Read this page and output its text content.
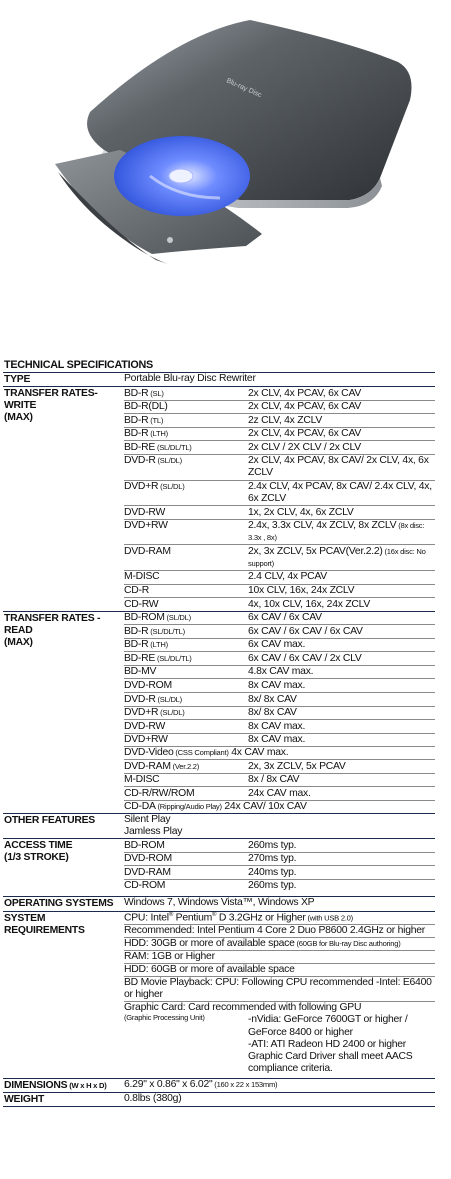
Blu-ray Disc
TECHNICAL SPECIFICATIONS
TYPE	Portable Blu-ray Disc Rewriter
TRANSFER RATES-WRITE
(MAX)
BD-R (SL)	2x CLV, 4x PCAV, 6x CAV
BD-R(DL)	2x CLV, 4x PCAV, 6x CAV
BD-R (TL)	2z CLV, 4x ZCLV
BD-R (LTH)	2x CLV, 4x PCAV, 6x CAV
BD-RE (SL/DL/TL)	2x CLV / 2X CLV / 2x CLV
DVD-R (SL/DL)	2x CLV, 4x PCAV, 8x CAV/ 2x CLV, 4x, 6x ZCLV
DVD+R (SL/DL)	2.4x CLV, 4x PCAV, 8x CAV/ 2.4x CLV, 4x, 6x ZCLV
DVD-RW	1x, 2x CLV, 4x, 6x ZCLV
DVD+RW	2.4x, 3.3x CLV, 4x ZCLV, 8x ZCLV (8x disc: 3.3x , 8x)
DVD-RAM	2x, 3x ZCLV, 5x PCAV(Ver.2.2) (16x disc: No support)
M-DISC	2.4 CLV, 4x PCAV
CD-R	10x CLV, 16x, 24x ZCLV
CD-RW	4x, 10x CLV, 16x, 24x ZCLV
TRANSFER RATES - READ
(MAX)
BD-ROM (SL/DL)	6x CAV / 6x CAV
BD-R (SL/DL/TL)	6x CAV / 6x CAV / 6x CAV
BD-R (LTH)	6x CAV max.
BD-RE (SL/DL/TL)	6x CAV / 6x CAV / 2x CLV
BD-MV	4.8x CAV max.
DVD-ROM	8x CAV max.
DVD-R (SL/DL)	8x/ 8x CAV
DVD+R (SL/DL)	8x/ 8x CAV
DVD-RW	8x CAV max.
DVD+RW	8x CAV max.
DVD-Video (CSS Compliant) 4x CAV max.
DVD-RAM (Ver.2.2)	2x, 3x ZCLV, 5x PCAV
M-DISC	8x / 8x CAV
CD-R/RW/ROM	24x CAV max.
CD-DA (Ripping/Audio Play) 24x CAV/ 10x CAV
OTHER FEATURES	Silent Play
Jamless Play
ACCESS TIME
(1/3 STROKE)
BD-ROM	260ms typ.
DVD-ROM	270ms typ.
DVD-RAM	240ms typ.
CD-ROM	260ms typ.
OPERATING SYSTEMS	Windows 7, Windows Vista™, Windows XP
SYSTEM REQUIREMENTS
CPU: Intel® Pentium® D 3.2GHz or Higher (with USB 2.0)
Recommended: Intel Pentium 4 Core 2 Duo P8600 2.4GHz or higher
HDD: 30GB or more of available space (60GB for Blu-ray Disc authoring)
RAM: 1GB or Higher
HDD: 60GB or more of available space
BD Movie Playback: CPU: Following CPU recommended -Intel: E6400 or higher
Graphic Card: Card recommended with following GPU
(Graphic Processing Unit)	-nVidia: GeForce 7600GT or higher / GeForce 8400 or higher
-ATI: ATI Radeon HD 2400 or higher
Graphic Card Driver shall meet AACS compliance criteria.
DIMENSIONS (W x H x D)	6.29" x 0.86" x 6.02" (160 x 22 x 153mm)
WEIGHT	0.8lbs (380g)
